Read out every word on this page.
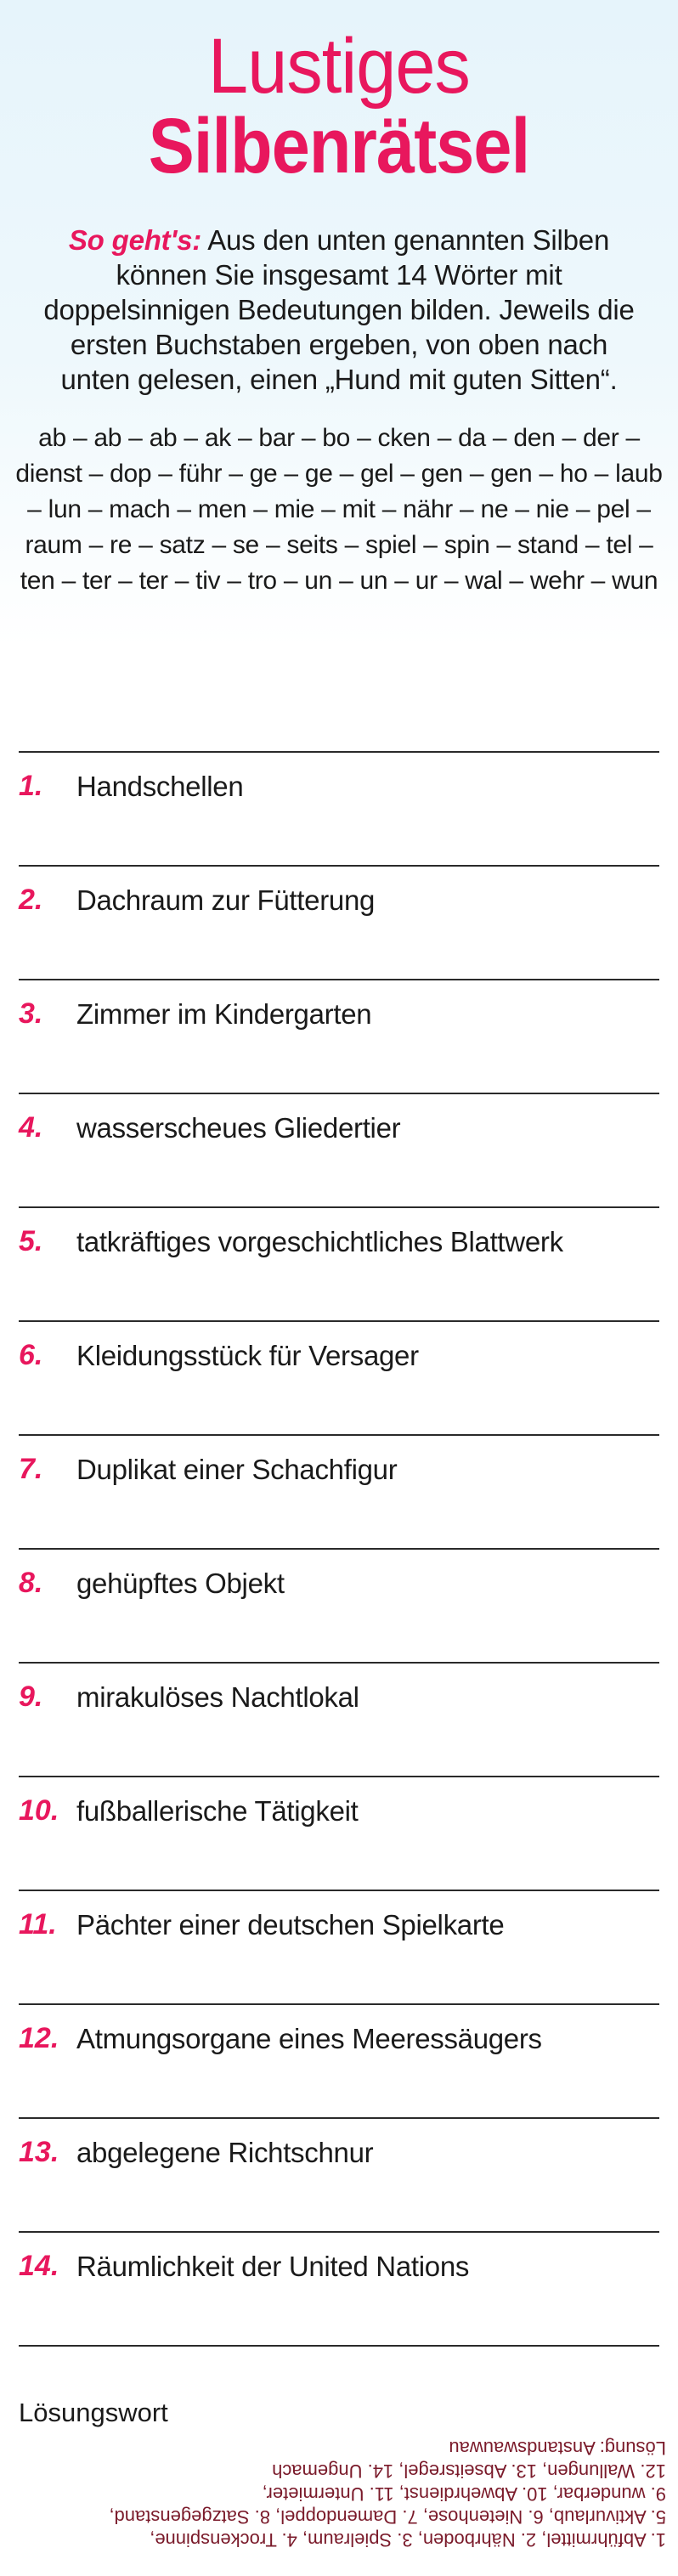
Lustiges
Silbenrätsel

So geht's: Aus den unten genannten Silben können Sie insgesamt 14 Wörter mit doppelsinnigen Bedeutungen bilden. Jeweils die ersten Buchstaben ergeben, von oben nach unten gelesen, einen „Hund mit guten Sitten“.

ab – ab – ab – ak – bar – bo – cken – da – den – der – dienst – dop – führ – ge – ge – gel – gen – gen – ho – laub – lun – mach – men – mie – mit – nähr – ne – nie – pel – raum – re – satz – se – seits – spiel – spin – stand – tel – ten – ter – ter – tiv – tro – un – un – ur – wal – wehr – wun

1. Handschellen
2. Dachraum zur Fütterung
3. Zimmer im Kindergarten
4. wasserscheues Gliedertier
5. tatkräftiges vorgeschichtliches Blattwerk
6. Kleidungsstück für Versager
7. Duplikat einer Schachfigur
8. gehüpftes Objekt
9. mirakulöses Nachtlokal
10. fußballerische Tätigkeit
11. Pächter einer deutschen Spielkarte
12. Atmungsorgane eines Meeressäugers
13. abgelegene Richtschnur
14. Räumlichkeit der United Nations
Lösungswort
1. Abführmittel, 2. Nährboden, 3. Spielraum, 4. Trockenspinne,
5. Aktivurlaub, 6. Nietenhose, 7. Damendoppel, 8. Satzgegenstand,
9. wunderbar, 10. Abwehrdienst, 11. Untermieter,
12. Wallungen, 13. Abseitsregel, 14. Ungemach
Lösung: Anstandswauwau
